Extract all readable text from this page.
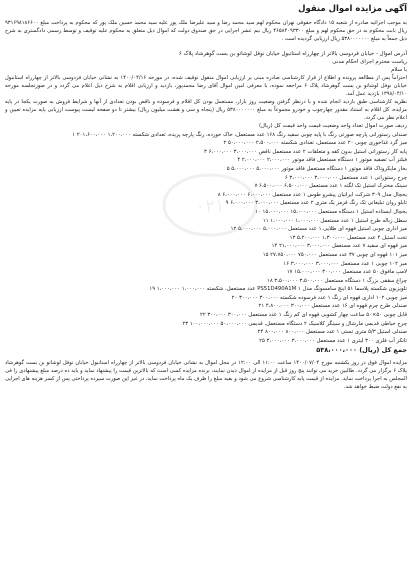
۰۲۱
آگهی مزایده اموال منقول

به موجب اجرائیه صادره از شعبه ۱۵ دادگاه حقوقی تهران محکوم لهم سید محمد رضا و سید علیرضا ملک پور علیه سید محمد حسین ملک پور که محکوم به پرداخت مبلغ ۹۳۱۶۹۸۱۸۶۶۰۰ ریال بابت محکوم به در حق محکوم لهم و مبلغ ۴۶۵۸۴۰۹۳۳۰۰ ریال نیم عشر اجرایی در حق صندوق دولت که اموال ذیل متعلق به محکوم علیه توقیف و توسط رسمی دادگستری به شرح ذیل جمعاً به مبلغ ۵۳۸۰۰۰۰۰۰۰ ریال ارزیابی گردیده است .

آدرس اموال - خیابان فردوسی بالاتر از چهارراه استانبول خیابان نوفل لوشاتو بن بست گوهرشاد پلاک ۶

ریاست محترم اجرای احکام مدنی

با سلام

احتراماً پس از مطالعه پرونده و اطلاع از قرار کارشناسی صادره مبنی بر ارزیابی اموال منقول توقیف شده، در مورخه ۱۴۰۰/۰۴/۱۶ به نشانی خیابان فردوسی بالاتر از چهارراه استانبول خیابان نوفل لوشاتو بن بست گوهرشاد پلاک ۶ مراجعه نموده، با معرفی امین اموال آقای رضا محمدپور، بازدید و ارزیابی اقلام به شرح ذیل اعلام می گردد و در صورتجلسه مورخه ۱۳۹۸/۰۴/۱۰ بازدید عمل آمد.

نظریه کارشناسی طبق بازدید انجام شده و با درنظر گرفتن وضعیت روز بازار، مستعمل بودن کل اقلام و فرسوده و ناقص بودن تعدادی از آنها و شرایط فروش به صورت یکجا در پایه مزایده، کل اقلام به استناد مقدور چهارچوب و خودرو مجموعاً به مبلغ ۵۳۸۰۰۰۰۰۰۰ ریال (پنجاه و سی و هشت میلیون ریال) بیشتر تا دو صفحه لیست پیوست ارزیابی پایه مزایده تعیین و اعلام نظر می گردد.

ردیف صورت اموال تعداد واحد وضعیت قیمت واحد قیمت کل (ریال)
صندلی رستورانی پارچه صورتی رنگ با پایه چوبی سفید رنگ ۱۶۸ عدد مستعمل، خاک خورده، رنگ پارچه پریده، تعدادی شکسته ۱،۲۰۰،۰۰۰ ۲۰۱،۶۰۰،۰۰۰ ۱
میز گرد غذاخوری چوبی ۲۰ عدد مستعمل، تعدادی شکسته ۲،۵۰۰،۰۰۰ ۵۰،۰۰۰،۰۰۰ ۲
پایه کار رستورانی استیل بدون کفه و متعلقات ۲ عدد مستعمل ناقص ۳،۰۰۰،۰۰۰ ۶،۰۰۰،۰۰۰ ۳
فیلتر آب تصفیه موتور ۱ دستگاه مستعمل فاقد موتور ۲،۰۰۰،۰۰۰ ۲،۰۰۰،۰۰۰ ۴
بخار مایکروتاک فاقد موتور ۱ دستگاه مستعمل فاقد موتور ۵،۰۰۰،۰۰۰ ۵،۰۰۰،۰۰۰ ۵
چرخ رستورانی ۱ عدد مستعمل ۳،۰۰۰،۰۰۰ ۳،۰۰۰،۰۰۰ ۶
سینک مخترک استیل تک لگنه ۱ عدد مستعمل ۶،۵۰۰،۰۰۰ ۶،۵۰۰،۰۰۰ ۷
یخچال مدل ۳۰۹ شرکت ایرانیان پیشرو طوس ۱ عدد مستعمل ۶،۰۰۰،۰۰۰ ۶،۰۰۰،۰۰۰ ۸
تابلو روان تبلیغاتی تک رنگ قرمز یک متری ۲ عدد مستعمل ۳،۰۰۰،۰۰۰ ۶،۰۰۰،۰۰۰ ۹
یخچال ایستاده استیل ۱ دستگاه مستعمل ۱۵،۰۰۰،۰۰۰ ۱۵،۰۰۰،۰۰۰ ۱۰
سطل زباله طرح استیل ۱ عدد مستعمل ۱،۰۰۰،۰۰۰ ۱،۰۰۰،۰۰۰ ۱۱
میز اداری چوبی استیل قهوه ای طلایی ۱ عدد مستعمل ۵،۰۰۰،۰۰۰ ۵،۰۰۰،۰۰۰ ۱۲
تخت استیل ۴ عدد مستعمل ۱،۳۰۰،۰۰۰ ۵،۲۰۰،۰۰۰ ۱۳
میز قهوه ای سفید ۷ عدد مستعمل ۳،۰۰۰،۰۰۰ ۲۱،۰۰۰،۰۰۰ ۱۴
میز ۱۰۱ قهوه ای چوبی ۳۷ عدد مستعمل ۷۵۰،۰۰۰ ۲۷،۷۵۰،۰۰۰ ۱۵
میز ۱۰۲ چوبی ۱ عدد مستعمل ۳،۰۰۰،۰۰۰ ۳،۰۰۰،۰۰۰ ۱۶
لامپ مافوق ۵۰ عدد مستعمل ۳۰۰،۰۰۰ ۱۵،۰۰۰،۰۰۰ ۱۷
چراغ سقفی بزرگ ۱ دستگاه مستعمل ۳،۵۰۰،۰۰۰ ۳،۵۰۰،۰۰۰ ۱۸
تلویزیون شکسته پلاسما ۵۱ اینچ سامسونگ مدل PS51D490A1M ۱ عدد مستعمل، شکسته ۱،۰۰۰،۰۰۰ ۱،۰۰۰،۰۰۰ ۱۹
میز چوبی ۱۰۲ اداری قهوه ای رنگ ۱ عدد فرسوده شکسته ۳۰۰،۰۰۰ ۳۰۰،۰۰۰ ۲۰
صندلی طرح چرم قهوه ای ۱۶ عدد مستعمل ۳۰۰،۰۰۰ ۴،۸۰۰،۰۰۰ ۲۱
قابل چوبی ۵۰×۵۰ ساعت چهار کشویی قهوه ای کم رنگ ۱ عدد مستعمل ۳۰۰،۰۰۰ ۳۰۰،۰۰۰ ۲۲
چرخ خیاطی قدیمی مارشال و سینگر کلاسیک ۲ دستگاه مستعمل، قدیمی ۵۰،۰۰۰،۰۰۰ ۱۰۰،۰۰۰،۰۰۰ ۲۳
صندلی استیل ۵/۳ متری تستی ۱ عدد مستعمل ۸۰۰،۰۰۰ ۸۰۰،۰۰۰ ۲۴
تانکر آب فلزی ۳۰۰ لیتری ۱ عدد مستعمل ۳،۰۰۰،۰۰۰ ۳،۰۰۰،۰۰۰ ۲۵
جمع کل (ریال) ۵۳۸،۰۰۰،۰۰۰

مزایده اموال فوق در روز یکشنبه مورخ ۱۴۰۰/۰۷/۰۴ ساعت ۱۱:۰۰ الی ۱۲:۰۰ در محل اموال به نشانی خیابان فردوسی بالاتر از چهارراه استانبول خیابان نوفل لوشاتو بن بست گوهرشاد پلاک ۶ برگزار می گردد. طالبین خرید می توانند پنج روز قبل از مزایده از اموال دیدن نمایند، برنده مزایده کسی است که بالاترین قیمت را پیشنهاد نماید و باید ده درصد مبلغ پیشنهادی را فی المجلس به اجرا پرداخت نماید. مزایده از قیمت پایه کارشناسی شروع می شود و بقیه مبلغ را ظرف یک ماه پرداخت نماید، در غیر این صورت سپرده پرداختی پس از کسر هزینه های اجرایی به نفع دولت ضبط خواهد شد.
